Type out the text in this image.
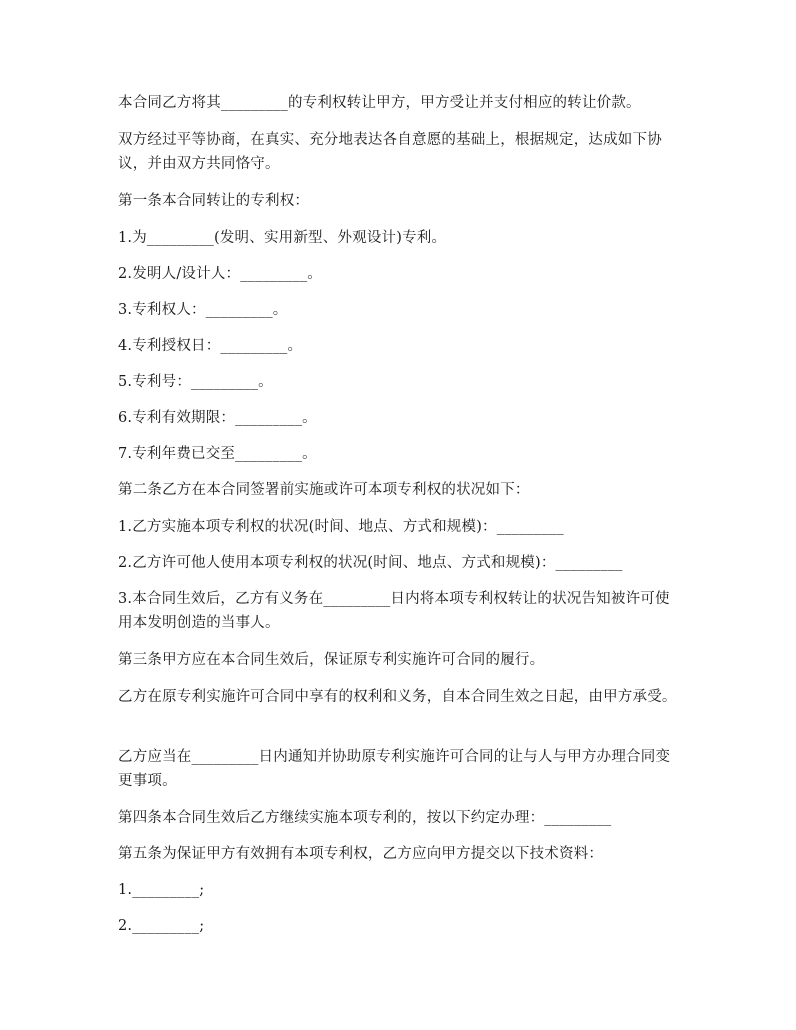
本合同乙方将其_________的专利权转让甲方，甲方受让并支付相应的转让价款。

双方经过平等协商，在真实、充分地表达各自意愿的基础上，根据规定，达成如下协议，并由双方共同恪守。

第一条本合同转让的专利权：

1.为_________(发明、实用新型、外观设计)专利。

2.发明人/设计人：_________。

3.专利权人：_________。

4.专利授权日：_________。

5.专利号：_________。

6.专利有效期限：_________。

7.专利年费已交至_________。

第二条乙方在本合同签署前实施或许可本项专利权的状况如下：

1.乙方实施本项专利权的状况(时间、地点、方式和规模)：_________

2.乙方许可他人使用本项专利权的状况(时间、地点、方式和规模)：_________

3.本合同生效后，乙方有义务在_________日内将本项专利权转让的状况告知被许可使用本发明创造的当事人。

第三条甲方应在本合同生效后，保证原专利实施许可合同的履行。

乙方在原专利实施许可合同中享有的权利和义务，自本合同生效之日起，由甲方承受。

乙方应当在_________日内通知并协助原专利实施许可合同的让与人与甲方办理合同变更事项。

第四条本合同生效后乙方继续实施本项专利的，按以下约定办理：_________

第五条为保证甲方有效拥有本项专利权，乙方应向甲方提交以下技术资料：

1._________;

2._________;
